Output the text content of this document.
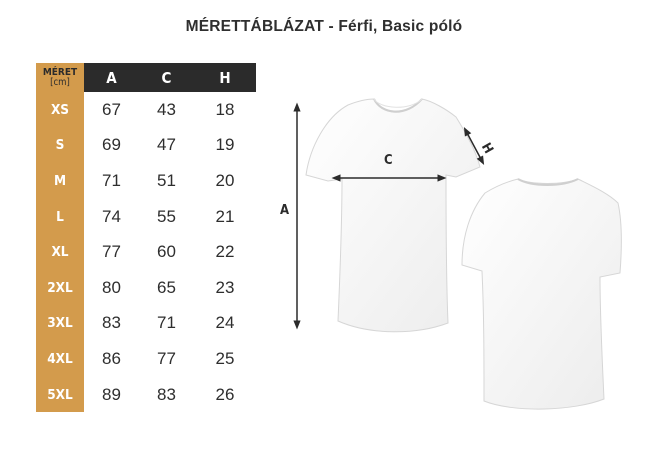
MÉRETTÁBLÁZAT - Férfi, Basic póló
MÉRET
[cm]	A	C	H
XS	67	43	18
S	69	47	19
M	71	51	20
L	74	55	21
XL	77	60	22
2XL	80	65	23
3XL	83	71	24
4XL	86	77	25
5XL	89	83	26
A
C
H
